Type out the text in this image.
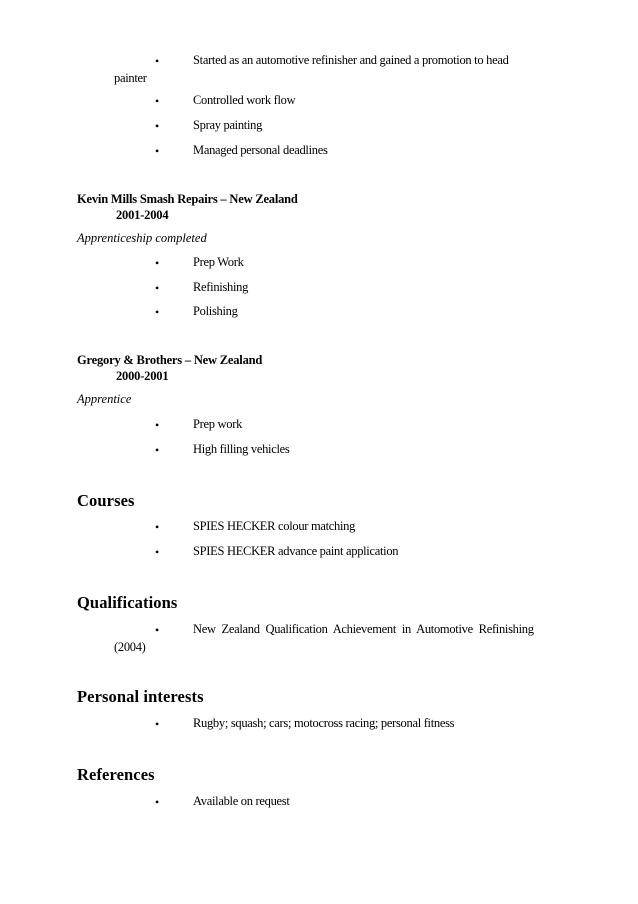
•	Started as an automotive refinisher and gained a promotion to head
painter
•	Controlled work flow
•	Spray painting
•	Managed personal deadlines
Kevin Mills Smash Repairs – New Zealand
2001-2004
Apprenticeship completed
•	Prep Work
•	Refinishing
•	Polishing
Gregory & Brothers – New Zealand
2000-2001
Apprentice
•	Prep work
•	High filling vehicles
Courses
•	SPIES HECKER colour matching
•	SPIES HECKER advance paint application
Qualifications
•	New Zealand Qualification Achievement in Automotive Refinishing
(2004)
Personal interests
•	Rugby; squash; cars; motocross racing; personal fitness
References
•	Available on request
